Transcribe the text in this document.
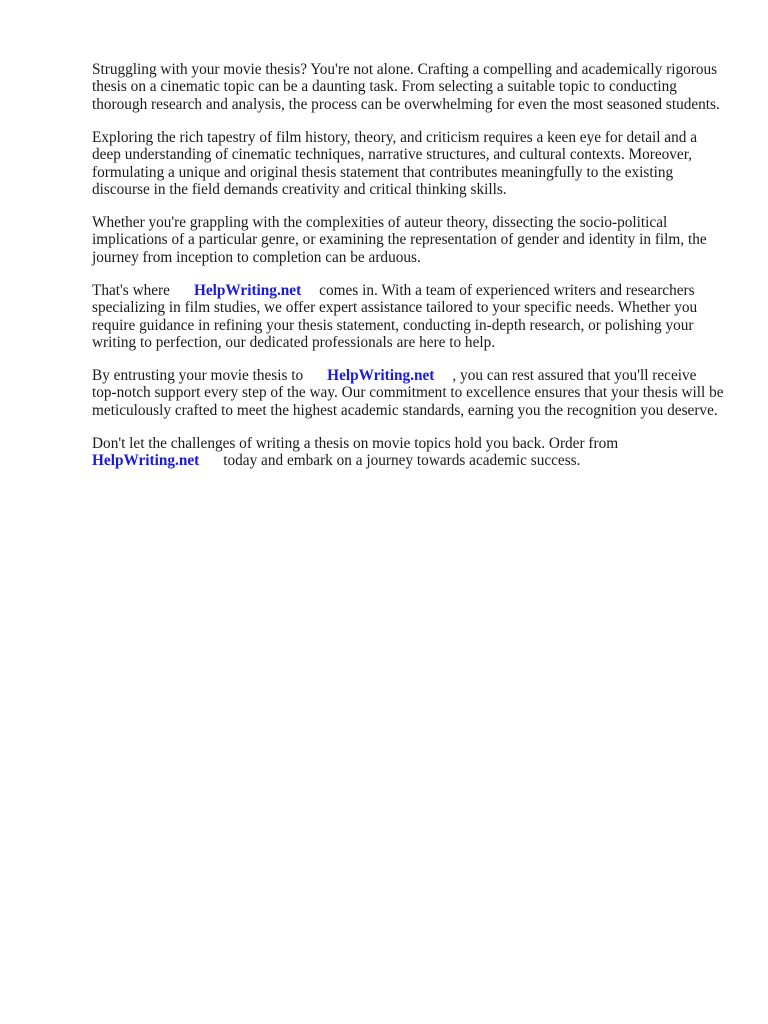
Struggling with your movie thesis? You're not alone. Crafting a compelling and academically rigorous thesis on a cinematic topic can be a daunting task. From selecting a suitable topic to conducting thorough research and analysis, the process can be overwhelming for even the most seasoned students.

Exploring the rich tapestry of film history, theory, and criticism requires a keen eye for detail and a deep understanding of cinematic techniques, narrative structures, and cultural contexts. Moreover, formulating a unique and original thesis statement that contributes meaningfully to the existing discourse in the field demands creativity and critical thinking skills.

Whether you're grappling with the complexities of auteur theory, dissecting the socio-political implications of a particular genre, or examining the representation of gender and identity in film, the journey from inception to completion can be arduous.

That's where HelpWriting.net comes in. With a team of experienced writers and researchers specializing in film studies, we offer expert assistance tailored to your specific needs. Whether you require guidance in refining your thesis statement, conducting in-depth research, or polishing your writing to perfection, our dedicated professionals are here to help.

By entrusting your movie thesis to HelpWriting.net , you can rest assured that you'll receive top-notch support every step of the way. Our commitment to excellence ensures that your thesis will be meticulously crafted to meet the highest academic standards, earning you the recognition you deserve.

Don't let the challenges of writing a thesis on movie topics hold you back. Order from
HelpWriting.net today and embark on a journey towards academic success.
